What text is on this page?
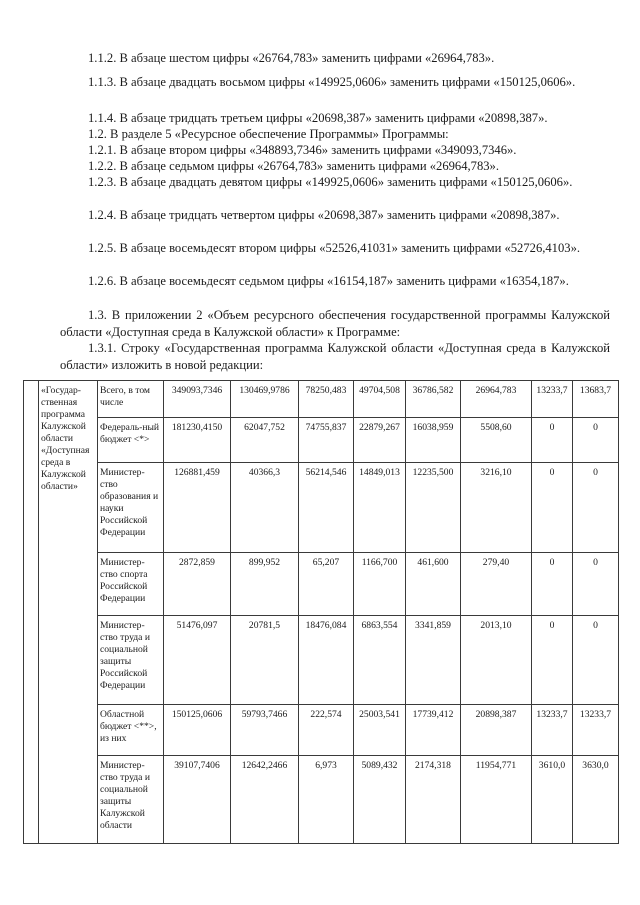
1.1.2. В абзаце шестом цифры «26764,783» заменить цифрами «26964,783».
1.1.3. В абзаце двадцать восьмом цифры «149925,0606» заменить цифрами «150125,0606».
1.1.4. В абзаце тридцать третьем цифры «20698,387» заменить цифрами «20898,387».
1.2. В разделе 5 «Ресурсное обеспечение Программы» Программы:
1.2.1. В абзаце втором цифры «348893,7346» заменить цифрами «349093,7346».
1.2.2. В абзаце седьмом цифры «26764,783» заменить цифрами «26964,783».
1.2.3. В абзаце двадцать девятом цифры «149925,0606» заменить цифрами «150125,0606».
1.2.4. В абзаце тридцать четвертом цифры «20698,387» заменить цифрами «20898,387».
1.2.5. В абзаце восемьдесят втором цифры «52526,41031» заменить цифрами «52726,4103».
1.2.6. В абзаце восемьдесят седьмом цифры «16154,187» заменить цифрами «16354,187».
1.3. В приложении 2 «Объем ресурсного обеспечения государственной программы Калужской области «Доступная среда в Калужской области» к Программе:
1.3.1. Строку «Государственная программа Калужской области «Доступная среда в Калужской области» изложить в новой редакции:
	«Государ-ственная программа Калужской области «Доступная среда в Калужской области»	Всего, в том числе	349093,7346	130469,9786	78250,483	49704,508	36786,582	26964,783	13233,7	13683,7
		Федераль-ный бюджет <*>	181230,4150	62047,752	74755,837	22879,267	16038,959	5508,60	0	0
		Министер-ство образования и науки Российской Федерации	126881,459	40366,3	56214,546	14849,013	12235,500	3216,10	0	0
		Министер-ство спорта Российской Федерации	2872,859	899,952	65,207	1166,700	461,600	279,40	0	0
		Министер-ство труда и социальной защиты Российской Федерации	51476,097	20781,5	18476,084	6863,554	3341,859	2013,10	0	0
		Областной бюджет <**>, из них	150125,0606	59793,7466	222,574	25003,541	17739,412	20898,387	13233,7	13233,7
		Министер-ство труда и социальной защиты Калужской области	39107,7406	12642,2466	6,973	5089,432	2174,318	11954,771	3610,0	3630,0
